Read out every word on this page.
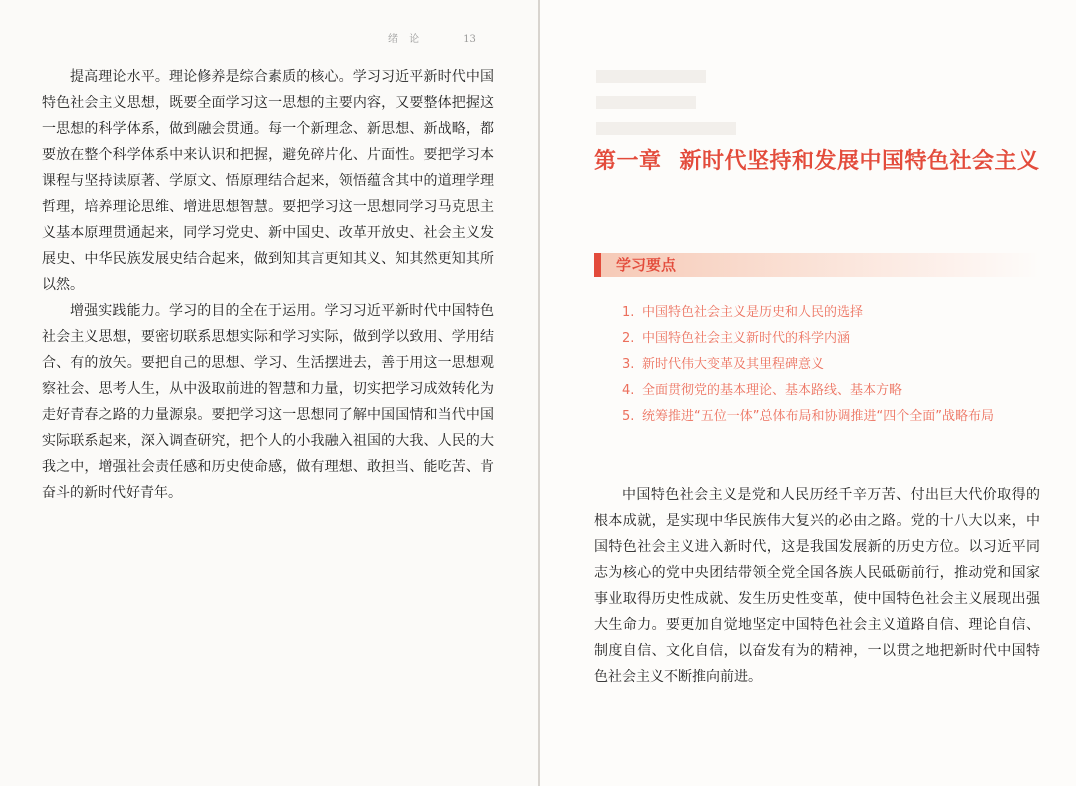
绪 论	13

提高理论水平。理论修养是综合素质的核心。学习习近平新时代中国特色社会主义思想，既要全面学习这一思想的主要内容，又要整体把握这一思想的科学体系，做到融会贯通。每一个新理念、新思想、新战略，都要放在整个科学体系中来认识和把握，避免碎片化、片面性。要把学习本课程与坚持读原著、学原文、悟原理结合起来，领悟蕴含其中的道理学理哲理，培养理论思维、增进思想智慧。要把学习这一思想同学习马克思主义基本原理贯通起来，同学习党史、新中国史、改革开放史、社会主义发展史、中华民族发展史结合起来，做到知其言更知其义、知其然更知其所以然。

增强实践能力。学习的目的全在于运用。学习习近平新时代中国特色社会主义思想，要密切联系思想实际和学习实际，做到学以致用、学用结合、有的放矢。要把自己的思想、学习、生活摆进去，善于用这一思想观察社会、思考人生，从中汲取前进的智慧和力量，切实把学习成效转化为走好青春之路的力量源泉。要把学习这一思想同了解中国国情和当代中国实际联系起来，深入调查研究，把个人的小我融入祖国的大我、人民的大我之中，增强社会责任感和历史使命感，做有理想、敢担当、能吃苦、肯奋斗的新时代好青年。

第一章 新时代坚持和发展中国特色社会主义
学习要点
1. 中国特色社会主义是历史和人民的选择
2. 中国特色社会主义新时代的科学内涵
3. 新时代伟大变革及其里程碑意义
4. 全面贯彻党的基本理论、基本路线、基本方略
5. 统筹推进“五位一体”总体布局和协调推进“四个全面”战略布局

中国特色社会主义是党和人民历经千辛万苦、付出巨大代价取得的根本成就，是实现中华民族伟大复兴的必由之路。党的十八大以来，中国特色社会主义进入新时代，这是我国发展新的历史方位。以习近平同志为核心的党中央团结带领全党全国各族人民砥砺前行，推动党和国家事业取得历史性成就、发生历史性变革，使中国特色社会主义展现出强大生命力。要更加自觉地坚定中国特色社会主义道路自信、理论自信、制度自信、文化自信，以奋发有为的精神，一以贯之地把新时代中国特色社会主义不断推向前进。
